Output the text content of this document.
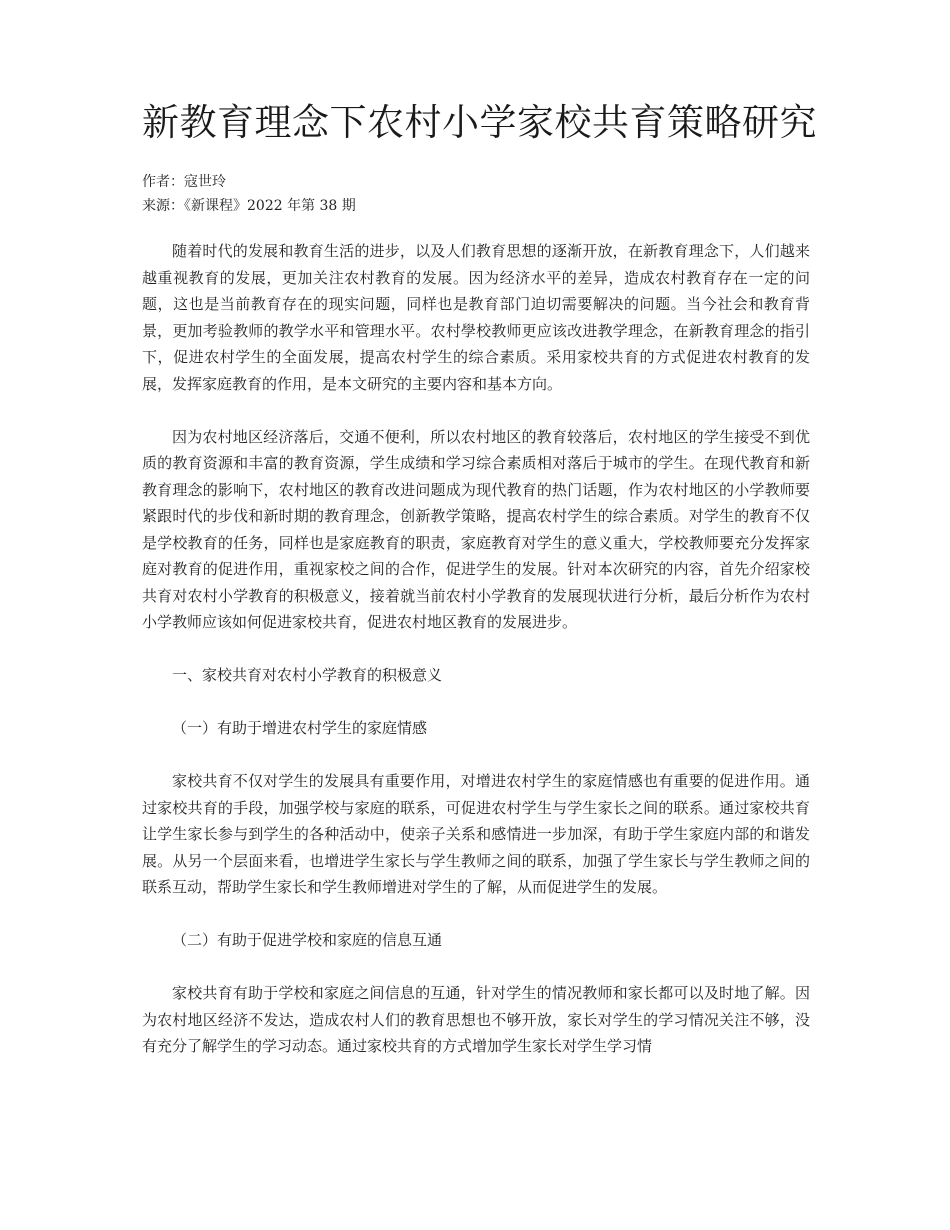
新教育理念下农村小学家校共育策略研究
作者：寇世玲
来源：《新课程》2022 年第 38 期

随着时代的发展和教育生活的进步，以及人们教育思想的逐渐开放，在新教育理念下，人们越来越重视教育的发展，更加关注农村教育的发展。因为经济水平的差异，造成农村教育存在一定的问题，这也是当前教育存在的现实问题，同样也是教育部门迫切需要解决的问题。当今社会和教育背景，更加考验教师的教学水平和管理水平。农村學校教师更应该改进教学理念，在新教育理念的指引下，促进农村学生的全面发展，提高农村学生的综合素质。采用家校共育的方式促进农村教育的发展，发挥家庭教育的作用，是本文研究的主要内容和基本方向。

因为农村地区经济落后，交通不便利，所以农村地区的教育较落后，农村地区的学生接受不到优质的教育资源和丰富的教育资源，学生成绩和学习综合素质相对落后于城市的学生。在现代教育和新教育理念的影响下，农村地区的教育改进问题成为现代教育的热门话题，作为农村地区的小学教师要紧跟时代的步伐和新时期的教育理念，创新教学策略，提高农村学生的综合素质。对学生的教育不仅是学校教育的任务，同样也是家庭教育的职责，家庭教育对学生的意义重大，学校教师要充分发挥家庭对教育的促进作用，重视家校之间的合作，促进学生的发展。针对本次研究的内容，首先介绍家校共育对农村小学教育的积极意义，接着就当前农村小学教育的发展现状进行分析，最后分析作为农村小学教师应该如何促进家校共育，促进农村地区教育的发展进步。

一、家校共育对农村小学教育的积极意义

（一）有助于增进农村学生的家庭情感

家校共育不仅对学生的发展具有重要作用，对增进农村学生的家庭情感也有重要的促进作用。通过家校共育的手段，加强学校与家庭的联系，可促进农村学生与学生家长之间的联系。通过家校共育让学生家长参与到学生的各种活动中，使亲子关系和感情进一步加深，有助于学生家庭内部的和谐发展。从另一个层面来看，也增进学生家长与学生教师之间的联系，加强了学生家长与学生教师之间的联系互动，帮助学生家长和学生教师增进对学生的了解，从而促进学生的发展。

（二）有助于促进学校和家庭的信息互通

家校共育有助于学校和家庭之间信息的互通，针对学生的情况教师和家长都可以及时地了解。因为农村地区经济不发达，造成农村人们的教育思想也不够开放，家长对学生的学习情况关注不够，没有充分了解学生的学习动态。通过家校共育的方式增加学生家长对学生学习情
